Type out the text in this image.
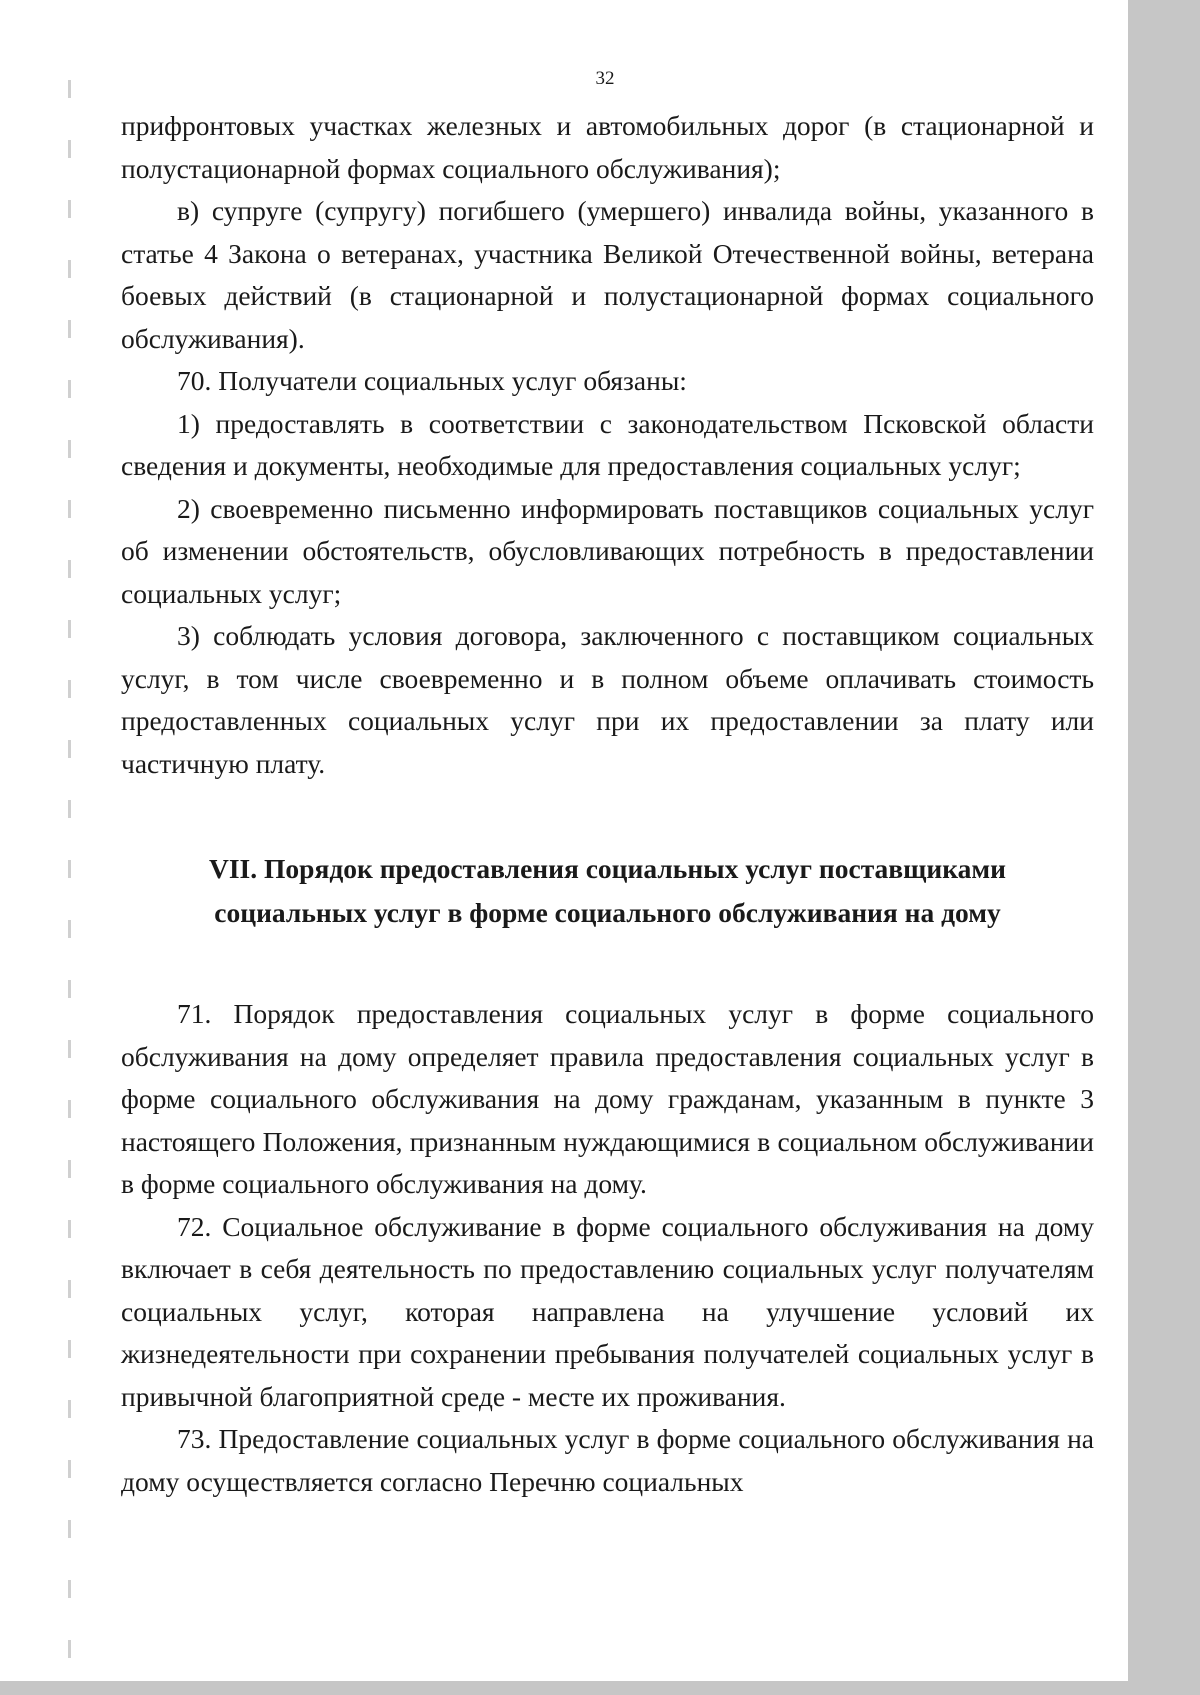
32

прифронтовых участках железных и автомобильных дорог (в стационарной и полустационарной формах социального обслуживания);

в) супруге (супругу) погибшего (умершего) инвалида войны, указанного в статье 4 Закона о ветеранах, участника Великой Отечественной войны, ветерана боевых действий (в стационарной и полустационарной формах социального обслуживания).

70. Получатели социальных услуг обязаны:

1) предоставлять в соответствии с законодательством Псковской области сведения и документы, необходимые для предоставления социальных услуг;

2) своевременно письменно информировать поставщиков социальных услуг об изменении обстоятельств, обусловливающих потребность в предоставлении социальных услуг;

3) соблюдать условия договора, заключенного с поставщиком социальных услуг, в том числе своевременно и в полном объеме оплачивать стоимость предоставленных социальных услуг при их предоставлении за плату или частичную плату.

VII. Порядок предоставления социальных услуг поставщиками
социальных услуг в форме социального обслуживания на дому

71. Порядок предоставления социальных услуг в форме социального обслуживания на дому определяет правила предоставления социальных услуг в форме социального обслуживания на дому гражданам, указанным в пункте 3 настоящего Положения, признанным нуждающимися в социальном обслуживании в форме социального обслуживания на дому.

72. Социальное обслуживание в форме социального обслуживания на дому включает в себя деятельность по предоставлению социальных услуг получателям социальных услуг, которая направлена на улучшение условий их жизнедеятельности при сохранении пребывания получателей социальных услуг в привычной благоприятной среде - месте их проживания.

73. Предоставление социальных услуг в форме социального обслуживания на дому осуществляется согласно Перечню социальных
